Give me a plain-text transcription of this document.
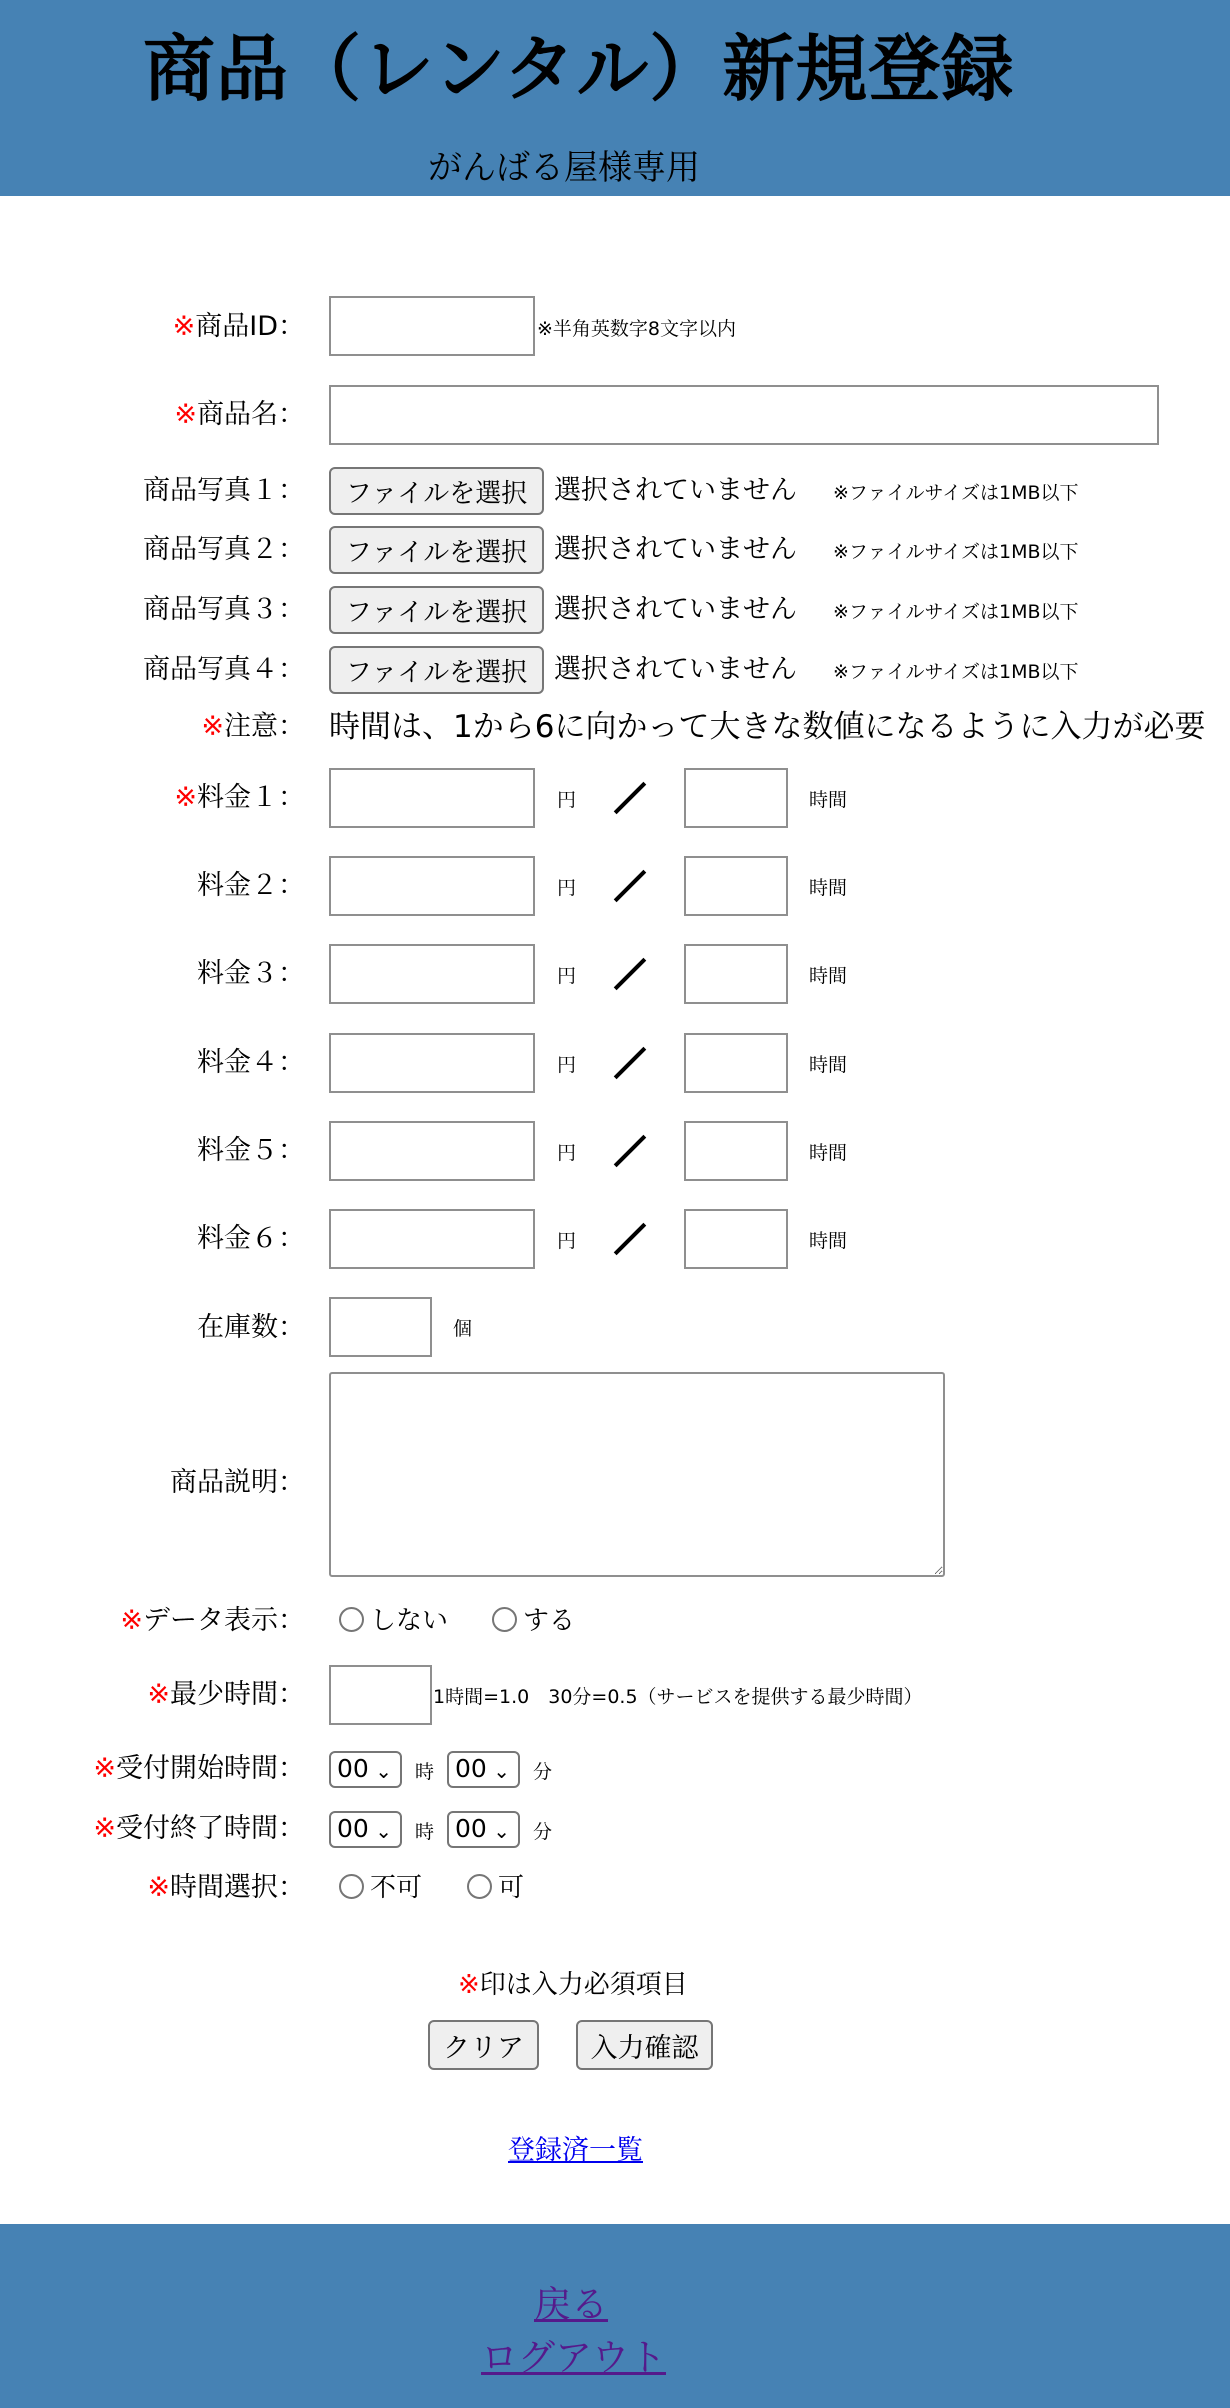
商品（レンタル）新規登録
がんばる屋様専用
※商品ID：	※半角英数字8文字以内
※商品名：
商品写真１：	ファイルを選択 選択されていません ※ファイルサイズは1MB以下
商品写真２：	ファイルを選択 選択されていません ※ファイルサイズは1MB以下
商品写真３：	ファイルを選択 選択されていません ※ファイルサイズは1MB以下
商品写真４：	ファイルを選択 選択されていません ※ファイルサイズは1MB以下
※注意： 時間は、1から6に向かって大きな数値になるように入力が必要
※料金１：	円	時間
料金２：	円	時間
料金３：	円	時間
料金４：	円	時間
料金５：	円	時間
料金６：	円	時間
在庫数：	個
商品説明：
※データ表示：	しない	する
※最少時間：	1時間=1.0　30分=0.5（サービスを提供する最少時間）
※受付開始時間：	00 ⌄ 時 00 ⌄ 分
※受付終了時間：	00 ⌄ 時 00 ⌄ 分
※時間選択：	不可	可
※印は入力必須項目
クリア	入力確認
登録済一覧
戻る
ログアウト
